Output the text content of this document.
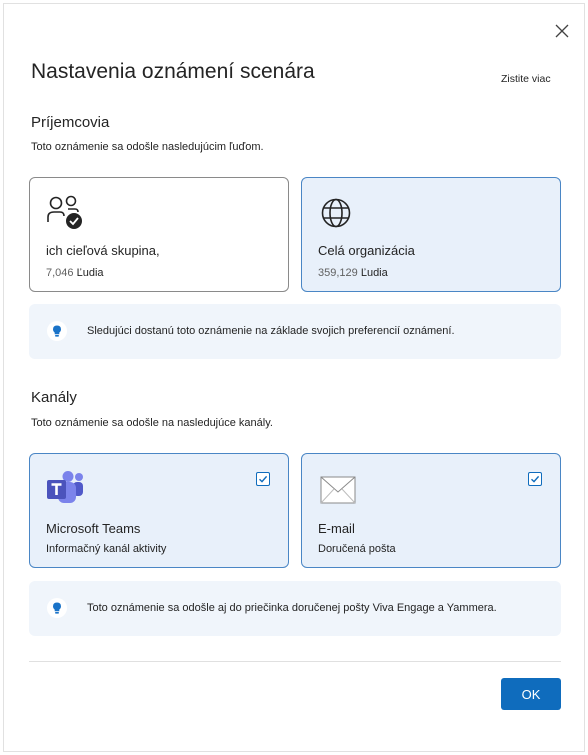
Nastavenia oznámení scenára	Zistite viac
Príjemcovia
Toto oznámenie sa odošle nasledujúcim ľuďom.
ich cieľová skupina,
7,046 Ľudia
Celá organizácia
359,129 Ľudia
Sledujúci dostanú toto oznámenie na základe svojich preferencií oznámení.
Kanály
Toto oznámenie sa odošle na nasledujúce kanály.
Microsoft Teams
Informačný kanál aktivity
E-mail
Doručená pošta
Toto oznámenie sa odošle aj do priečinka doručenej pošty Viva Engage a Yammera.
OK
